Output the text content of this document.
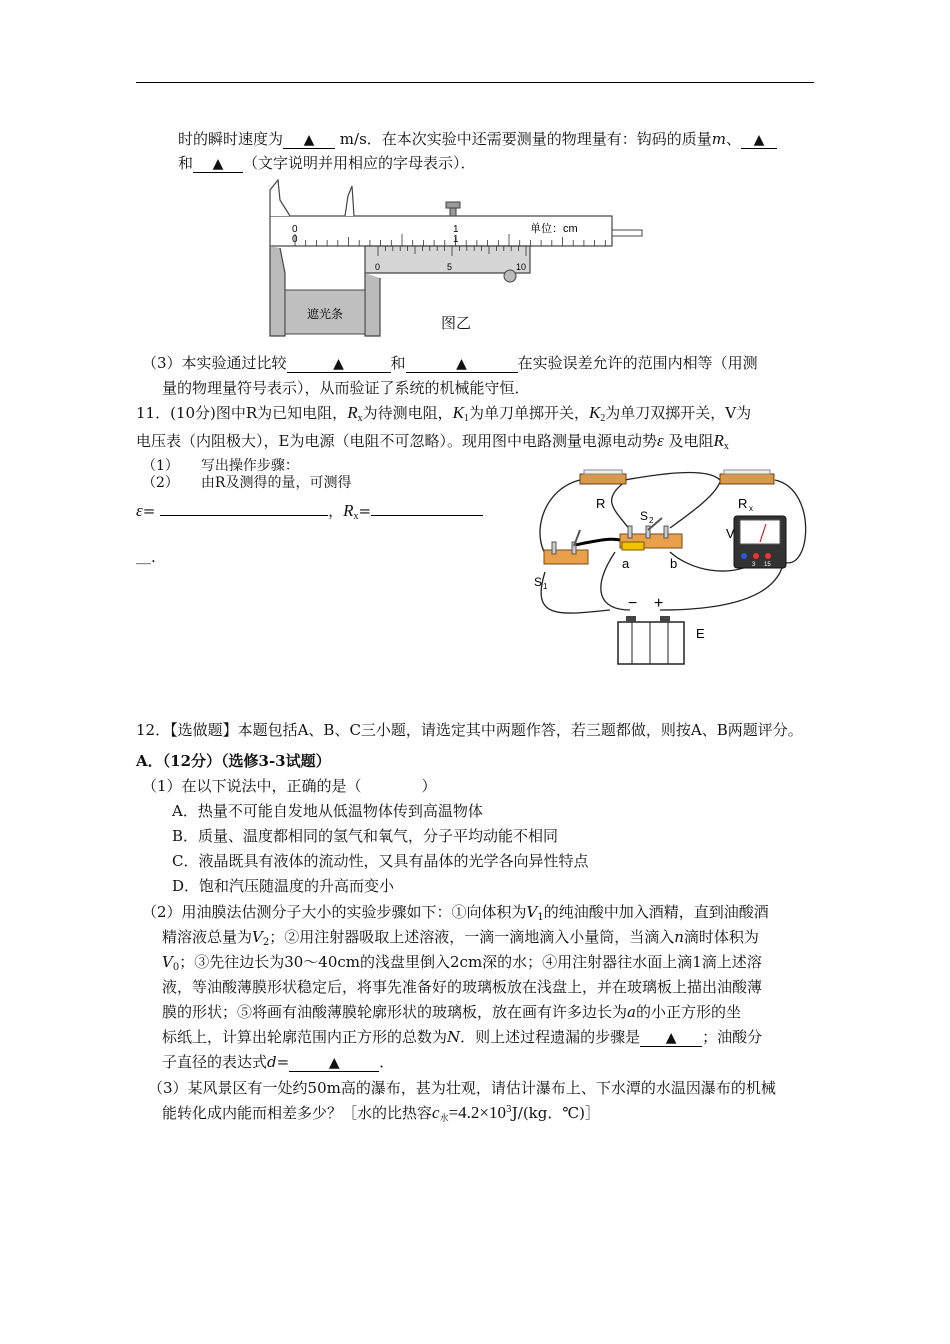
时的瞬时速度为 ▲ m/s．在本次实验中还需要测量的物理量有：钩码的质量m、 ▲
和 ▲ （文字说明并用相应的字母表示）．
0
0
1
1
单位：cm
0	5	10
遮光条	图乙
（3）本实验通过比较	▲	和	▲	在实验误差允许的范围内相等（用测
量的物理量符号表示），从而验证了系统的机械能守恒．
11．(10分)图中R为已知电阻，$R_x$为待测电阻，$K_1$为单刀单掷开关，$K_2$为单刀双掷开关，V为
电压表（内阻极大），E为电源（电阻不可忽略）。现用图中电路测量电源电动势ε 及电阻$R_x$
（1） 写出操作步骤：
（2） 由R及测得的量，可测得
ε=	，$R_x=$
＿.
R	R x
S 2
a	b
S 1
3 15
V
− +
E
12．【选做题】本题包括A、B、C三小题，请选定其中两题作答，若三题都做，则按A、B两题评分。
A．（12分）（选修3-3试题）
（1）在以下说法中，正确的是（　　　　）
A．热量不可能自发地从低温物体传到高温物体
B．质量、温度都相同的氢气和氧气，分子平均动能不相同
C．液晶既具有液体的流动性，又具有晶体的光学各向异性特点
D．饱和汽压随温度的升高而变小
（2）用油膜法估测分子大小的实验步骤如下：①向体积为$V_1$的纯油酸中加入酒精，直到油酸酒
精溶液总量为$V_2$；②用注射器吸取上述溶液，一滴一滴地滴入小量筒，当滴入n滴时体积为
$V_0$；③先往边长为30～40cm的浅盘里倒入2cm深的水；④用注射器往水面上滴1滴上述溶
液，等油酸薄膜形状稳定后，将事先准备好的玻璃板放在浅盘上，并在玻璃板上描出油酸薄
膜的形状；⑤将画有油酸薄膜轮廓形状的玻璃板，放在画有许多边长为a的小正方形的坐
标纸上，计算出轮廓范围内正方形的总数为N．则上述过程遗漏的步骤是 ▲ ；油酸分
子直径的表达式d=	▲	．
（3）某风景区有一处约50m高的瀑布，甚为壮观，请估计瀑布上、下水潭的水温因瀑布的机械
能转化成内能而相差多少？［水的比热容$c_水=4.2\times 10^3J/(kg$．℃)］
